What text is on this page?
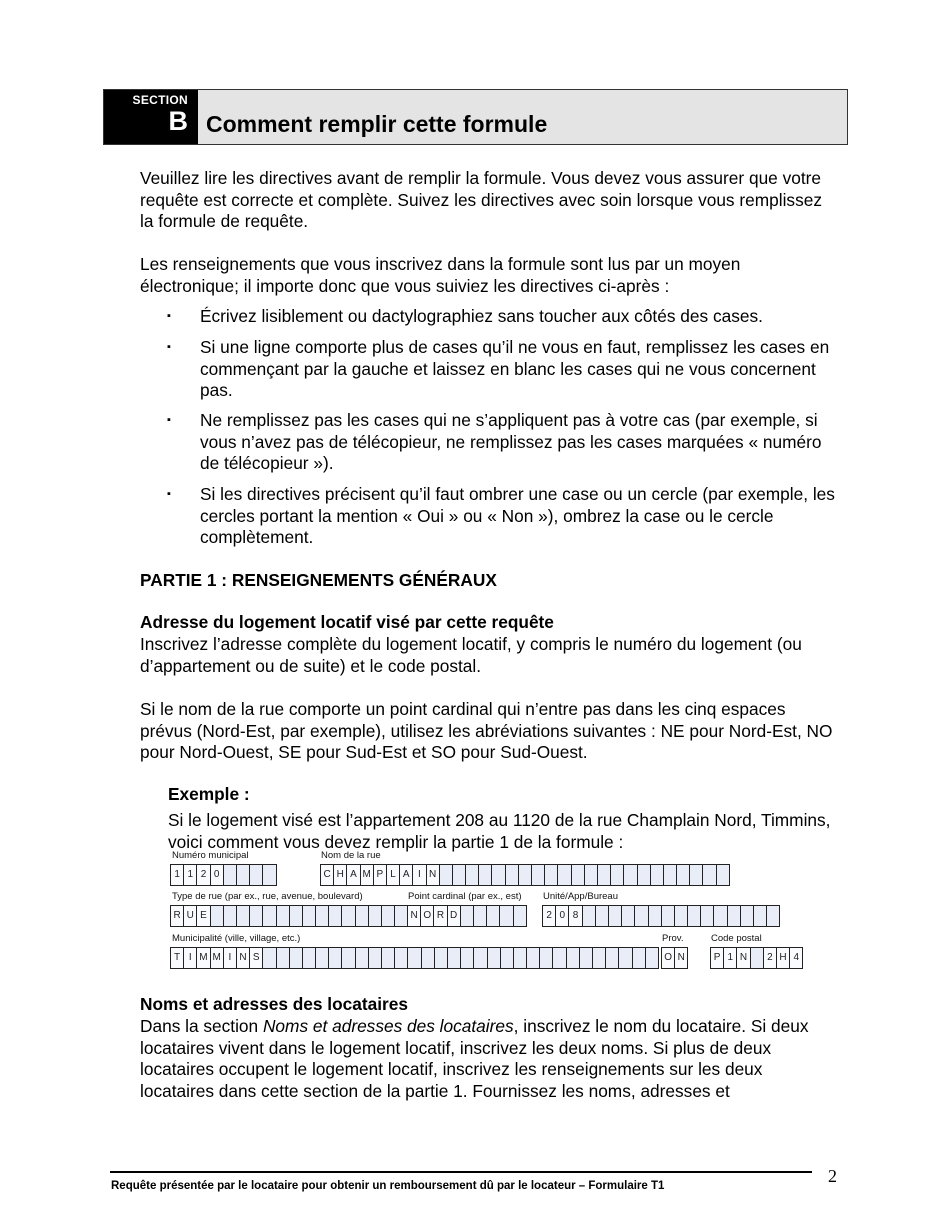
SECTION
B Comment remplir cette formule
Veuillez lire les directives avant de remplir la formule. Vous devez vous assurer que votre requête est correcte et complète. Suivez les directives avec soin lorsque vous remplissez la formule de requête.
Les renseignements que vous inscrivez dans la formule sont lus par un moyen électronique; il importe donc que vous suiviez les directives ci-après :
▪ Écrivez lisiblement ou dactylographiez sans toucher aux côtés des cases.
▪ Si une ligne comporte plus de cases qu’il ne vous en faut, remplissez les cases en commençant par la gauche et laissez en blanc les cases qui ne vous concernent pas.
▪ Ne remplissez pas les cases qui ne s’appliquent pas à votre cas (par exemple, si vous n’avez pas de télécopieur, ne remplissez pas les cases marquées « numéro de télécopieur »).
▪ Si les directives précisent qu’il faut ombrer une case ou un cercle (par exemple, les cercles portant la mention « Oui » ou « Non »), ombrez la case ou le cercle complètement.
PARTIE 1 : RENSEIGNEMENTS GÉNÉRAUX
Adresse du logement locatif visé par cette requête
Inscrivez l’adresse complète du logement locatif, y compris le numéro du logement (ou d’appartement ou de suite) et le code postal.
Si le nom de la rue comporte un point cardinal qui n’entre pas dans les cinq espaces prévus (Nord-Est, par exemple), utilisez les abréviations suivantes : NE pour Nord-Est, NO pour Nord-Ouest, SE pour Sud-Est et SO pour Sud-Ouest.
Exemple :
Si le logement visé est l’appartement 208 au 1120 de la rue Champlain Nord, Timmins, voici comment vous devez remplir la partie 1 de la formule :
Numéro municipal
1 1 2 0
Nom de la rue
C H A M P L A I N
Type de rue (par ex., rue, avenue, boulevard)
R U E
Point cardinal (par ex., est)
N O R D
Unité/App/Bureau
2 0 8
Municipalité (ville, village, etc.)
T I M M I N S
Prov.
O N
Code postal
P 1 N	2 H 4
Noms et adresses des locataires
Dans la section Noms et adresses des locataires, inscrivez le nom du locataire. Si deux locataires vivent dans le logement locatif, inscrivez les deux noms. Si plus de deux locataires occupent le logement locatif, inscrivez les renseignements sur les deux locataires dans cette section de la partie 1. Fournissez les noms, adresses et
2
Requête présentée par le locataire pour obtenir un remboursement dû par le locateur – Formulaire T1
